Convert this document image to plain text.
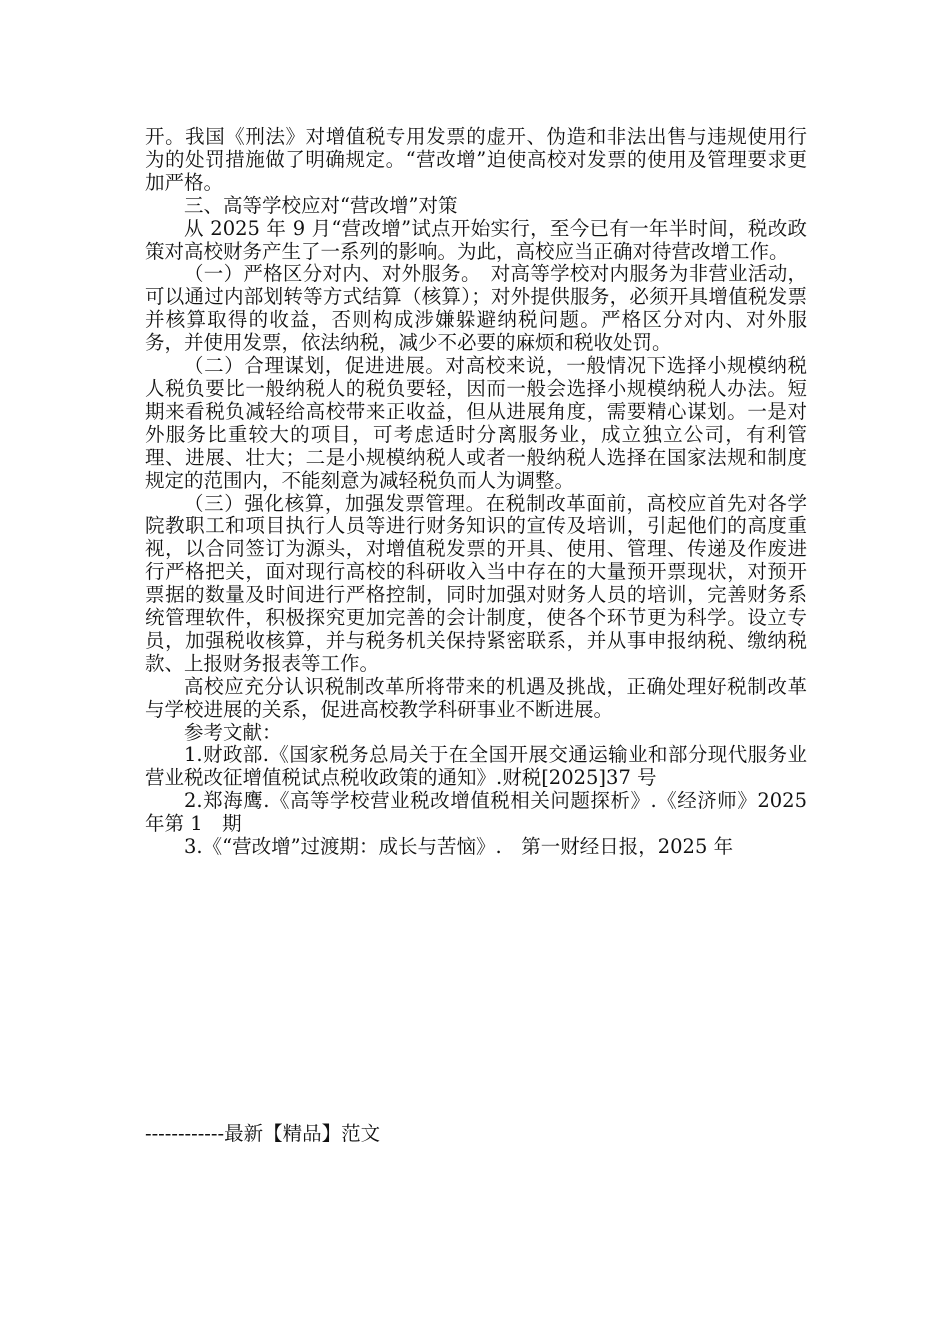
开。我国《刑法》对增值税专用发票的虚开、伪造和非法出售与违规使用行为的处罚措施做了明确规定。“营改增”迫使高校对发票的使用及管理要求更加严格。

三、高等学校应对“营改增”对策

从 2025 年 9 月“营改增”试点开始实行，至今已有一年半时间，税改政策对高校财务产生了一系列的影响。为此，高校应当正确对待营改增工作。

（一）严格区分对内、对外服务。　对高等学校对内服务为非营业活动，可以通过内部划转等方式结算（核算）；对外提供服务，必须开具增值税发票并核算取得的收益，否则构成涉嫌躲避纳税问题。严格区分对内、对外服务，并使用发票，依法纳税，减少不必要的麻烦和税收处罚。

（二）合理谋划，促进进展。对高校来说，一般情况下选择小规模纳税人税负要比一般纳税人的税负要轻，因而一般会选择小规模纳税人办法。短期来看税负减轻给高校带来正收益，但从进展角度，需要精心谋划。一是对外服务比重较大的项目，可考虑适时分离服务业，成立独立公司，有利管理、进展、壮大；二是小规模纳税人或者一般纳税人选择在国家法规和制度规定的范围内，不能刻意为减轻税负而人为调整。

（三）强化核算，加强发票管理。在税制改革面前，高校应首先对各学院教职工和项目执行人员等进行财务知识的宣传及培训，引起他们的高度重视，以合同签订为源头，对增值税发票的开具、使用、管理、传递及作废进行严格把关，面对现行高校的科研收入当中存在的大量预开票现状，对预开票据的数量及时间进行严格控制，同时加强对财务人员的培训，完善财务系统管理软件，积极探究更加完善的会计制度，使各个环节更为科学。设立专员，加强税收核算，并与税务机关保持紧密联系，并从事申报纳税、缴纳税款、上报财务报表等工作。

高校应充分认识税制改革所将带来的机遇及挑战，正确处理好税制改革与学校进展的关系，促进高校教学科研事业不断进展。

参考文献：

1.财政部.《国家税务总局关于在全国开展交通运输业和部分现代服务业营业税改征增值税试点税收政策的通知》.财税[2025]37 号

2.郑海鹰.《高等学校营业税改增值税相关问题探析》.《经济师》2025 年第 1　期

3.《“营改增”过渡期：成长与苦恼》.　第一财经日报，2025 年

------------最新【精品】范文
